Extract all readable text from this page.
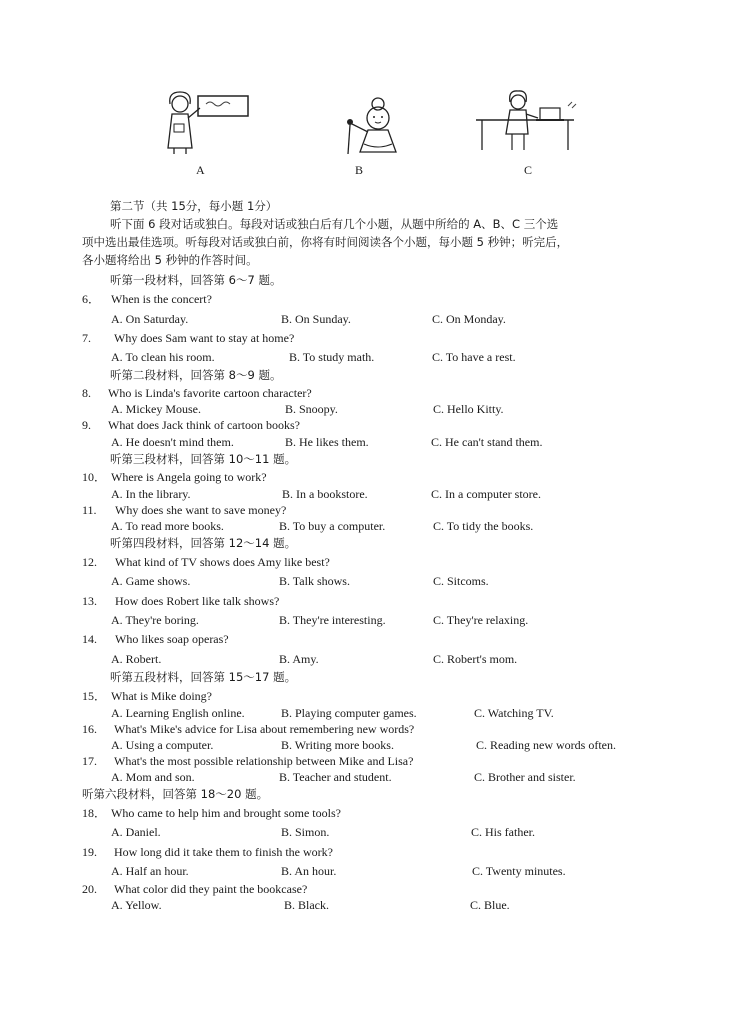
A	B	C
第二节（共 15分，每小题 1分）
听下面 6 段对话或独白。每段对话或独白后有几个小题，从题中所给的 A、B、C 三个选
项中选出最佳选项。听每段对话或独白前，你将有时间阅读各个小题，每小题 5 秒钟；听完后，
各小题将给出 5 秒钟的作答时间。
听第一段材料，回答第 6～7 题。
6． When is the concert?
A. On Saturday.	B. On Sunday.	C. On Monday.
7. Why does Sam want to stay at home?
A. To clean his room.	B. To study math.	C. To have a rest.
听第二段材料，回答第 8～9 题。
8. Who is Linda's favorite cartoon character?
A. Mickey Mouse.	B. Snoopy.	C. Hello Kitty.
9. What does Jack think of cartoon books?
A. He doesn't mind them.	B. He likes them.	C. He can't stand them.
听第三段材料，回答第 10～11 题。
10． Where is Angela going to work?
A. In the library.	B. In a bookstore.	C. In a computer store.
11. Why does she want to save money?
A. To read more books.	B. To buy a computer.	C. To tidy the books.
听第四段材料，回答第 12～14 题。
12. What kind of TV shows does Amy like best?
A. Game shows.	B. Talk shows.	C. Sitcoms.
13. How does Robert like talk shows?
A. They're boring.	B. They're interesting.	C. They're relaxing.
14. Who likes soap operas?
A. Robert.	B. Amy.	C. Robert's mom.
听第五段材料，回答第 15～17 题。
15． What is Mike doing?
A. Learning English online.	B. Playing computer games.	C. Watching TV.
16. What's Mike's advice for Lisa about remembering new words?
A. Using a computer.	B. Writing more books.	C. Reading new words often.
17. What's the most possible relationship between Mike and Lisa?
A. Mom and son.	B. Teacher and student.	C. Brother and sister.
听第六段材料，回答第 18～20 题。
18． Who came to help him and brought some tools?
A. Daniel.	B. Simon.	C. His father.
19. How long did it take them to finish the work?
A. Half an hour.	B. An hour.	C. Twenty minutes.
20. What color did they paint the bookcase?
A. Yellow.	B. Black.	C. Blue.
